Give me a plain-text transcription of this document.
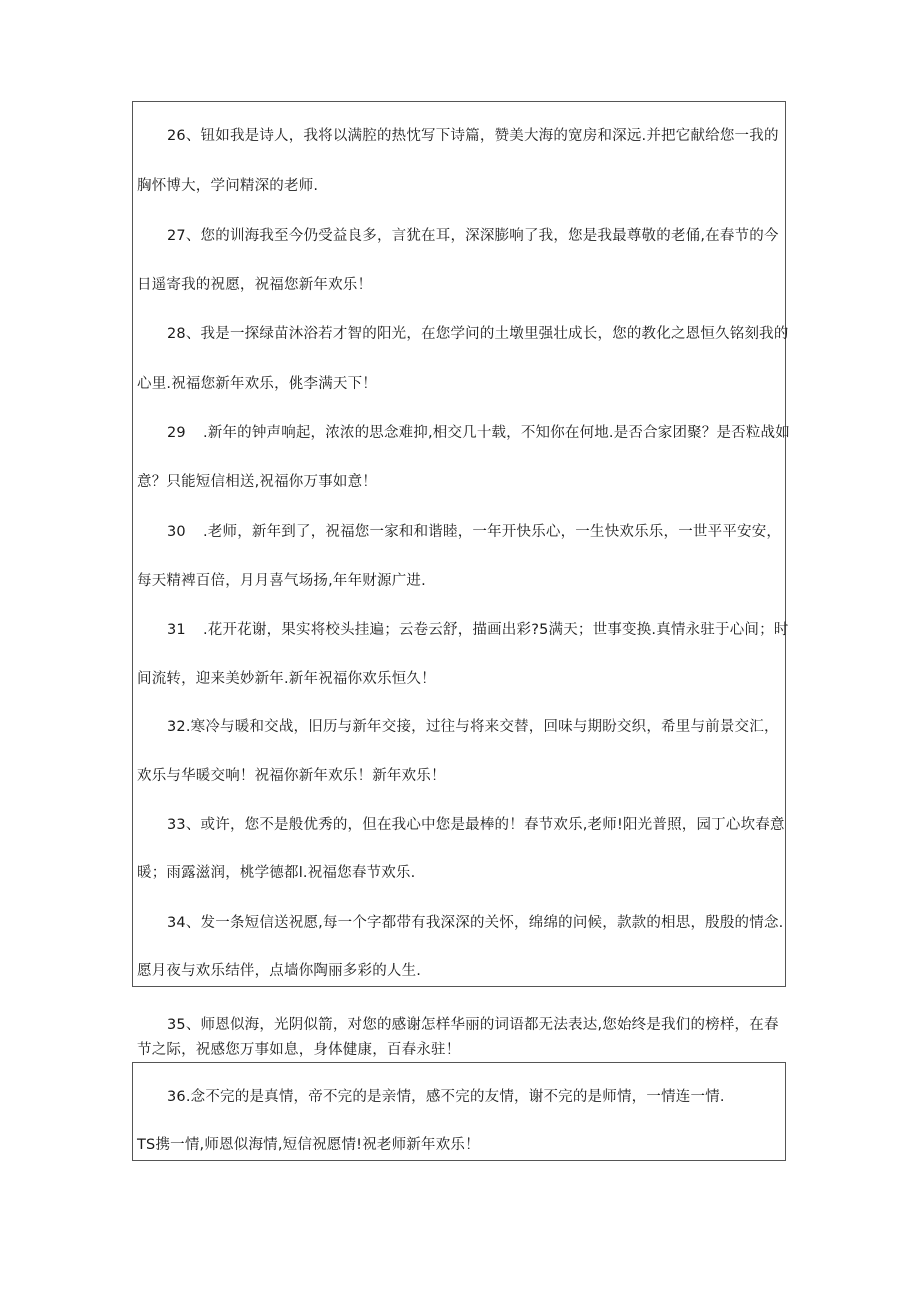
26、钮如我是诗人，我将以满腔的热忱写下诗篇，赞美大海的宽房和深远.并把它献给您一我的

胸怀博大，学问精深的老师.

27、您的训海我至今仍受益良多，言犹在耳，深深膨响了我，您是我最尊敬的老俑,在春节的今

日遥寄我的祝愿，祝福您新年欢乐！

28、我是一探绿苗沐浴若才智的阳光，在您学问的土墩里强壮成长，您的教化之恩恒久铭刻我的

心里.祝福您新年欢乐，佻李满天下！

29 .新年的钟声响起，浓浓的思念难抑,相交几十载，不知你在何地.是否合家团聚？是否粒战如

意？只能短信相送,祝福你万事如意！

30 .老师，新年到了，祝福您一家和和谐睦，一年开快乐心，一生快欢乐乐，一世平平安安，

每天精裨百倍，月月喜气场扬,年年财源广进.

31 .花开花谢，果实将校头挂遍；云卷云舒，描画出彩?5满天；世事变换.真情永驻于心间；时

间流转，迎来美妙新年.新年祝福你欢乐恒久！

32.寒冷与暖和交战，旧历与新年交接，过往与将来交替，回味与期盼交织，希里与前景交汇，

欢乐与华暖交响！祝福你新年欢乐！新年欢乐！

33、或许，您不是般优秀的，但在我心中您是最棒的！春节欢乐,老师!阳光普照，园丁心坎春意

暖；雨露滋润，桃学德都l.祝福您春节欢乐.

34、发一条短信送祝愿,每一个字都带有我深深的关怀，绵绵的问候，款款的相思，殷殷的情念.

愿月夜与欢乐结伴，点墙你陶丽多彩的人生.

35、师恩似海，光阴似箭，对您的感谢怎样华丽的词语都无法表达,您始终是我们的榜样，在春

节之际，祝感您万事如息，身体健康，百春永驻！

36.念不完的是真情，帝不完的是亲情，感不完的友情，谢不完的是师情，一情连一情.

TS携一情,师恩似海情,短信祝愿情!祝老师新年欢乐！
